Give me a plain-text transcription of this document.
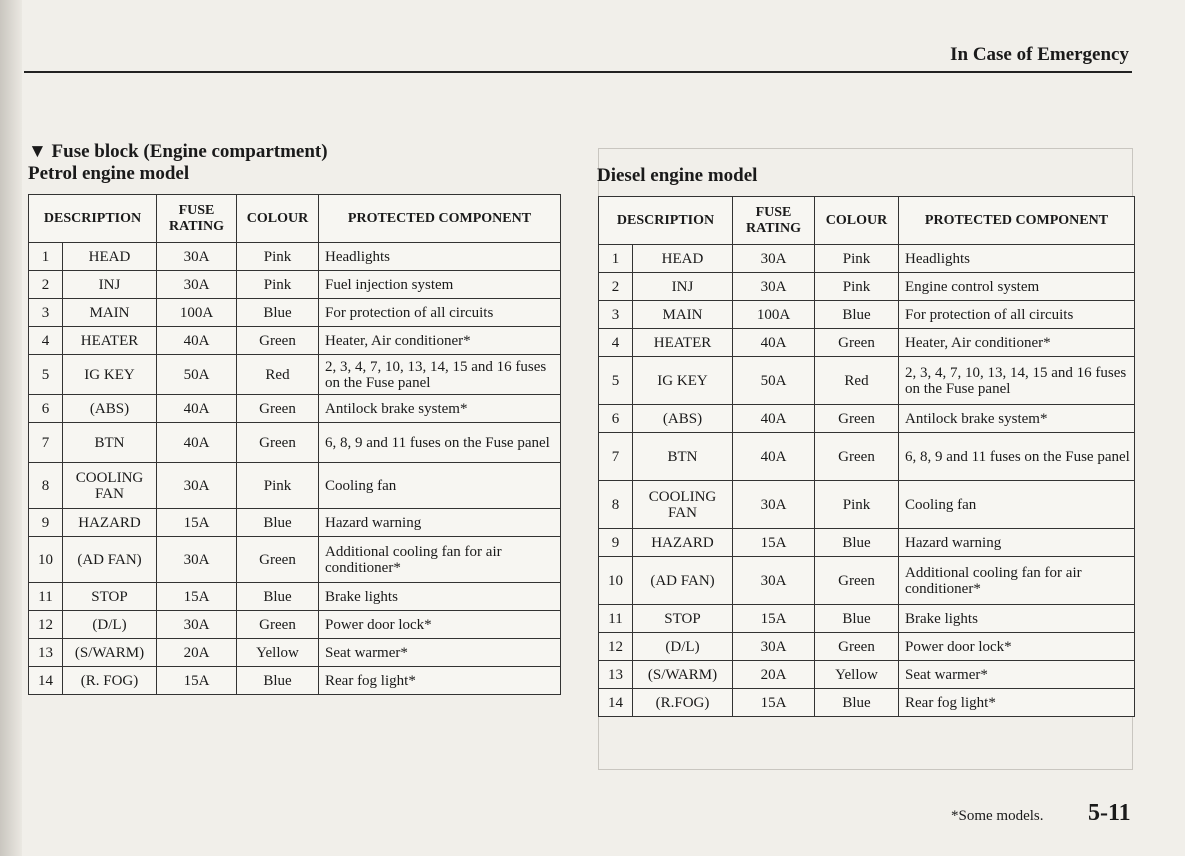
In Case of Emergency
▼ Fuse block (Engine compartment)
Petrol engine model	Diesel engine model
DESCRIPTION		FUSE RATING	COLOUR	PROTECTED COMPONENT
1	HEAD	30A	Pink	Headlights
2	INJ	30A	Pink	Fuel injection system
3	MAIN	100A	Blue	For protection of all circuits
4	HEATER	40A	Green	Heater, Air conditioner*
5	IG KEY	50A	Red	2, 3, 4, 7, 10, 13, 14, 15 and 16 fuses on the Fuse panel
6	(ABS)	40A	Green	Antilock brake system*
7	BTN	40A	Green	6, 8, 9 and 11 fuses on the Fuse panel
8	COOLING FAN	30A	Pink	Cooling fan
9	HAZARD	15A	Blue	Hazard warning
10	(AD FAN)	30A	Green	Additional cooling fan for air conditioner*
11	STOP	15A	Blue	Brake lights
12	(D/L)	30A	Green	Power door lock*
13	(S/WARM)	20A	Yellow	Seat warmer*
14	(R. FOG)	15A	Blue	Rear fog light*
DESCRIPTION		FUSE RATING	COLOUR	PROTECTED COMPONENT
1	HEAD	30A	Pink	Headlights
2	INJ	30A	Pink	Engine control system
3	MAIN	100A	Blue	For protection of all circuits
4	HEATER	40A	Green	Heater, Air conditioner*
5	IG KEY	50A	Red	2, 3, 4, 7, 10, 13, 14, 15 and 16 fuses on the Fuse panel
6	(ABS)	40A	Green	Antilock brake system*
7	BTN	40A	Green	6, 8, 9 and 11 fuses on the Fuse panel
8	COOLING FAN	30A	Pink	Cooling fan
9	HAZARD	15A	Blue	Hazard warning
10	(AD FAN)	30A	Green	Additional cooling fan for air conditioner*
11	STOP	15A	Blue	Brake lights
12	(D/L)	30A	Green	Power door lock*
13	(S/WARM)	20A	Yellow	Seat warmer*
14	(R.FOG)	15A	Blue	Rear fog light*
*Some models. 5-11
